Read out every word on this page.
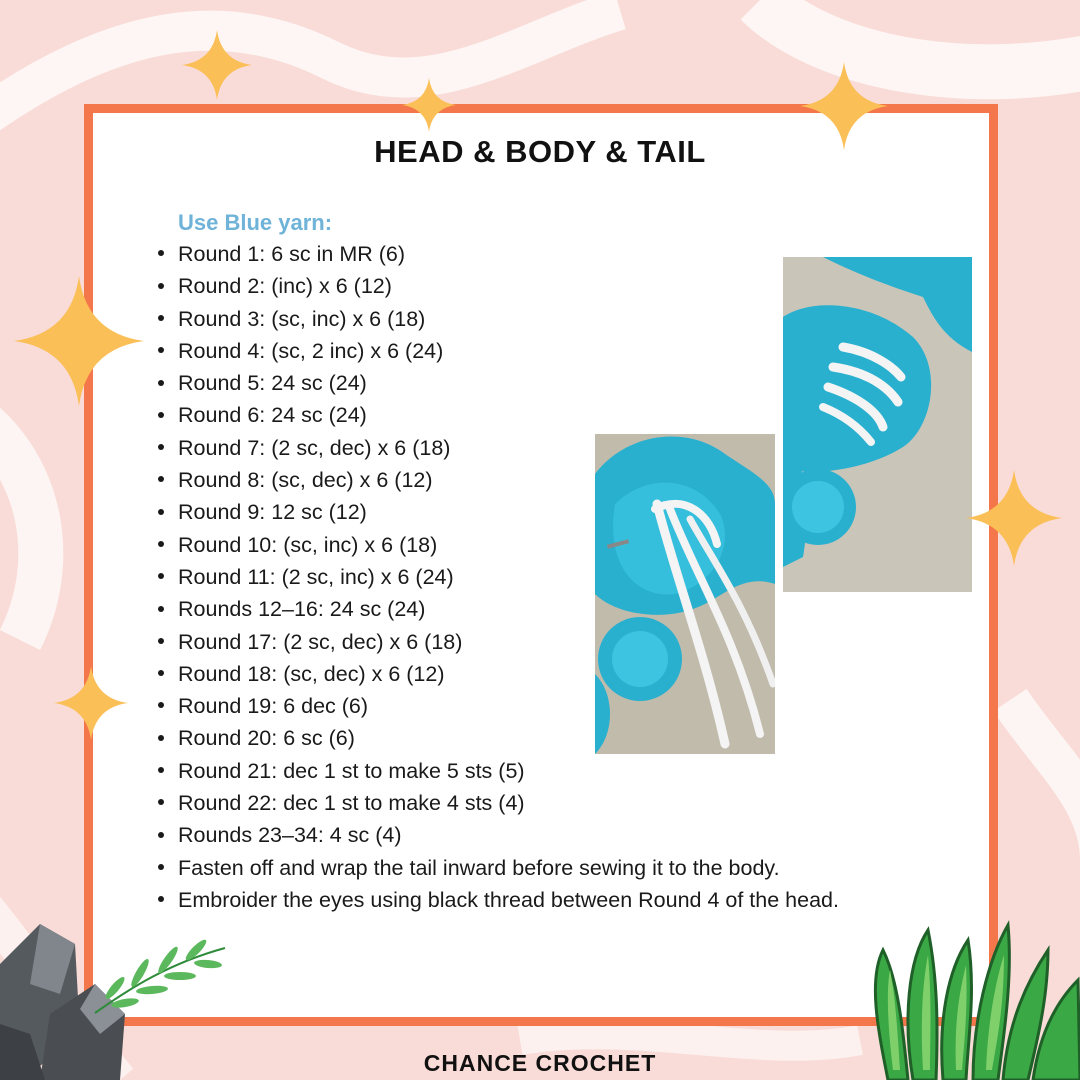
HEAD & BODY & TAIL

Use Blue yarn:

Round 1: 6 sc in MR (6)
Round 2: (inc) x 6 (12)
Round 3: (sc, inc) x 6 (18)
Round 4: (sc, 2 inc) x 6 (24)
Round 5: 24 sc (24)
Round 6: 24 sc (24)
Round 7: (2 sc, dec) x 6 (18)
Round 8: (sc, dec) x 6 (12)
Round 9: 12 sc (12)
Round 10: (sc, inc) x 6 (18)
Round 11: (2 sc, inc) x 6 (24)
Rounds 12–16: 24 sc (24)
Round 17: (2 sc, dec) x 6 (18)
Round 18: (sc, dec) x 6 (12)
Round 19: 6 dec (6)
Round 20: 6 sc (6)
Round 21: dec 1 st to make 5 sts (5)
Round 22: dec 1 st to make 4 sts (4)
Rounds 23–34: 4 sc (4)
Fasten off and wrap the tail inward before sewing it to the body.
Embroider the eyes using black thread between Round 4 of the head.

CHANCE CROCHET
